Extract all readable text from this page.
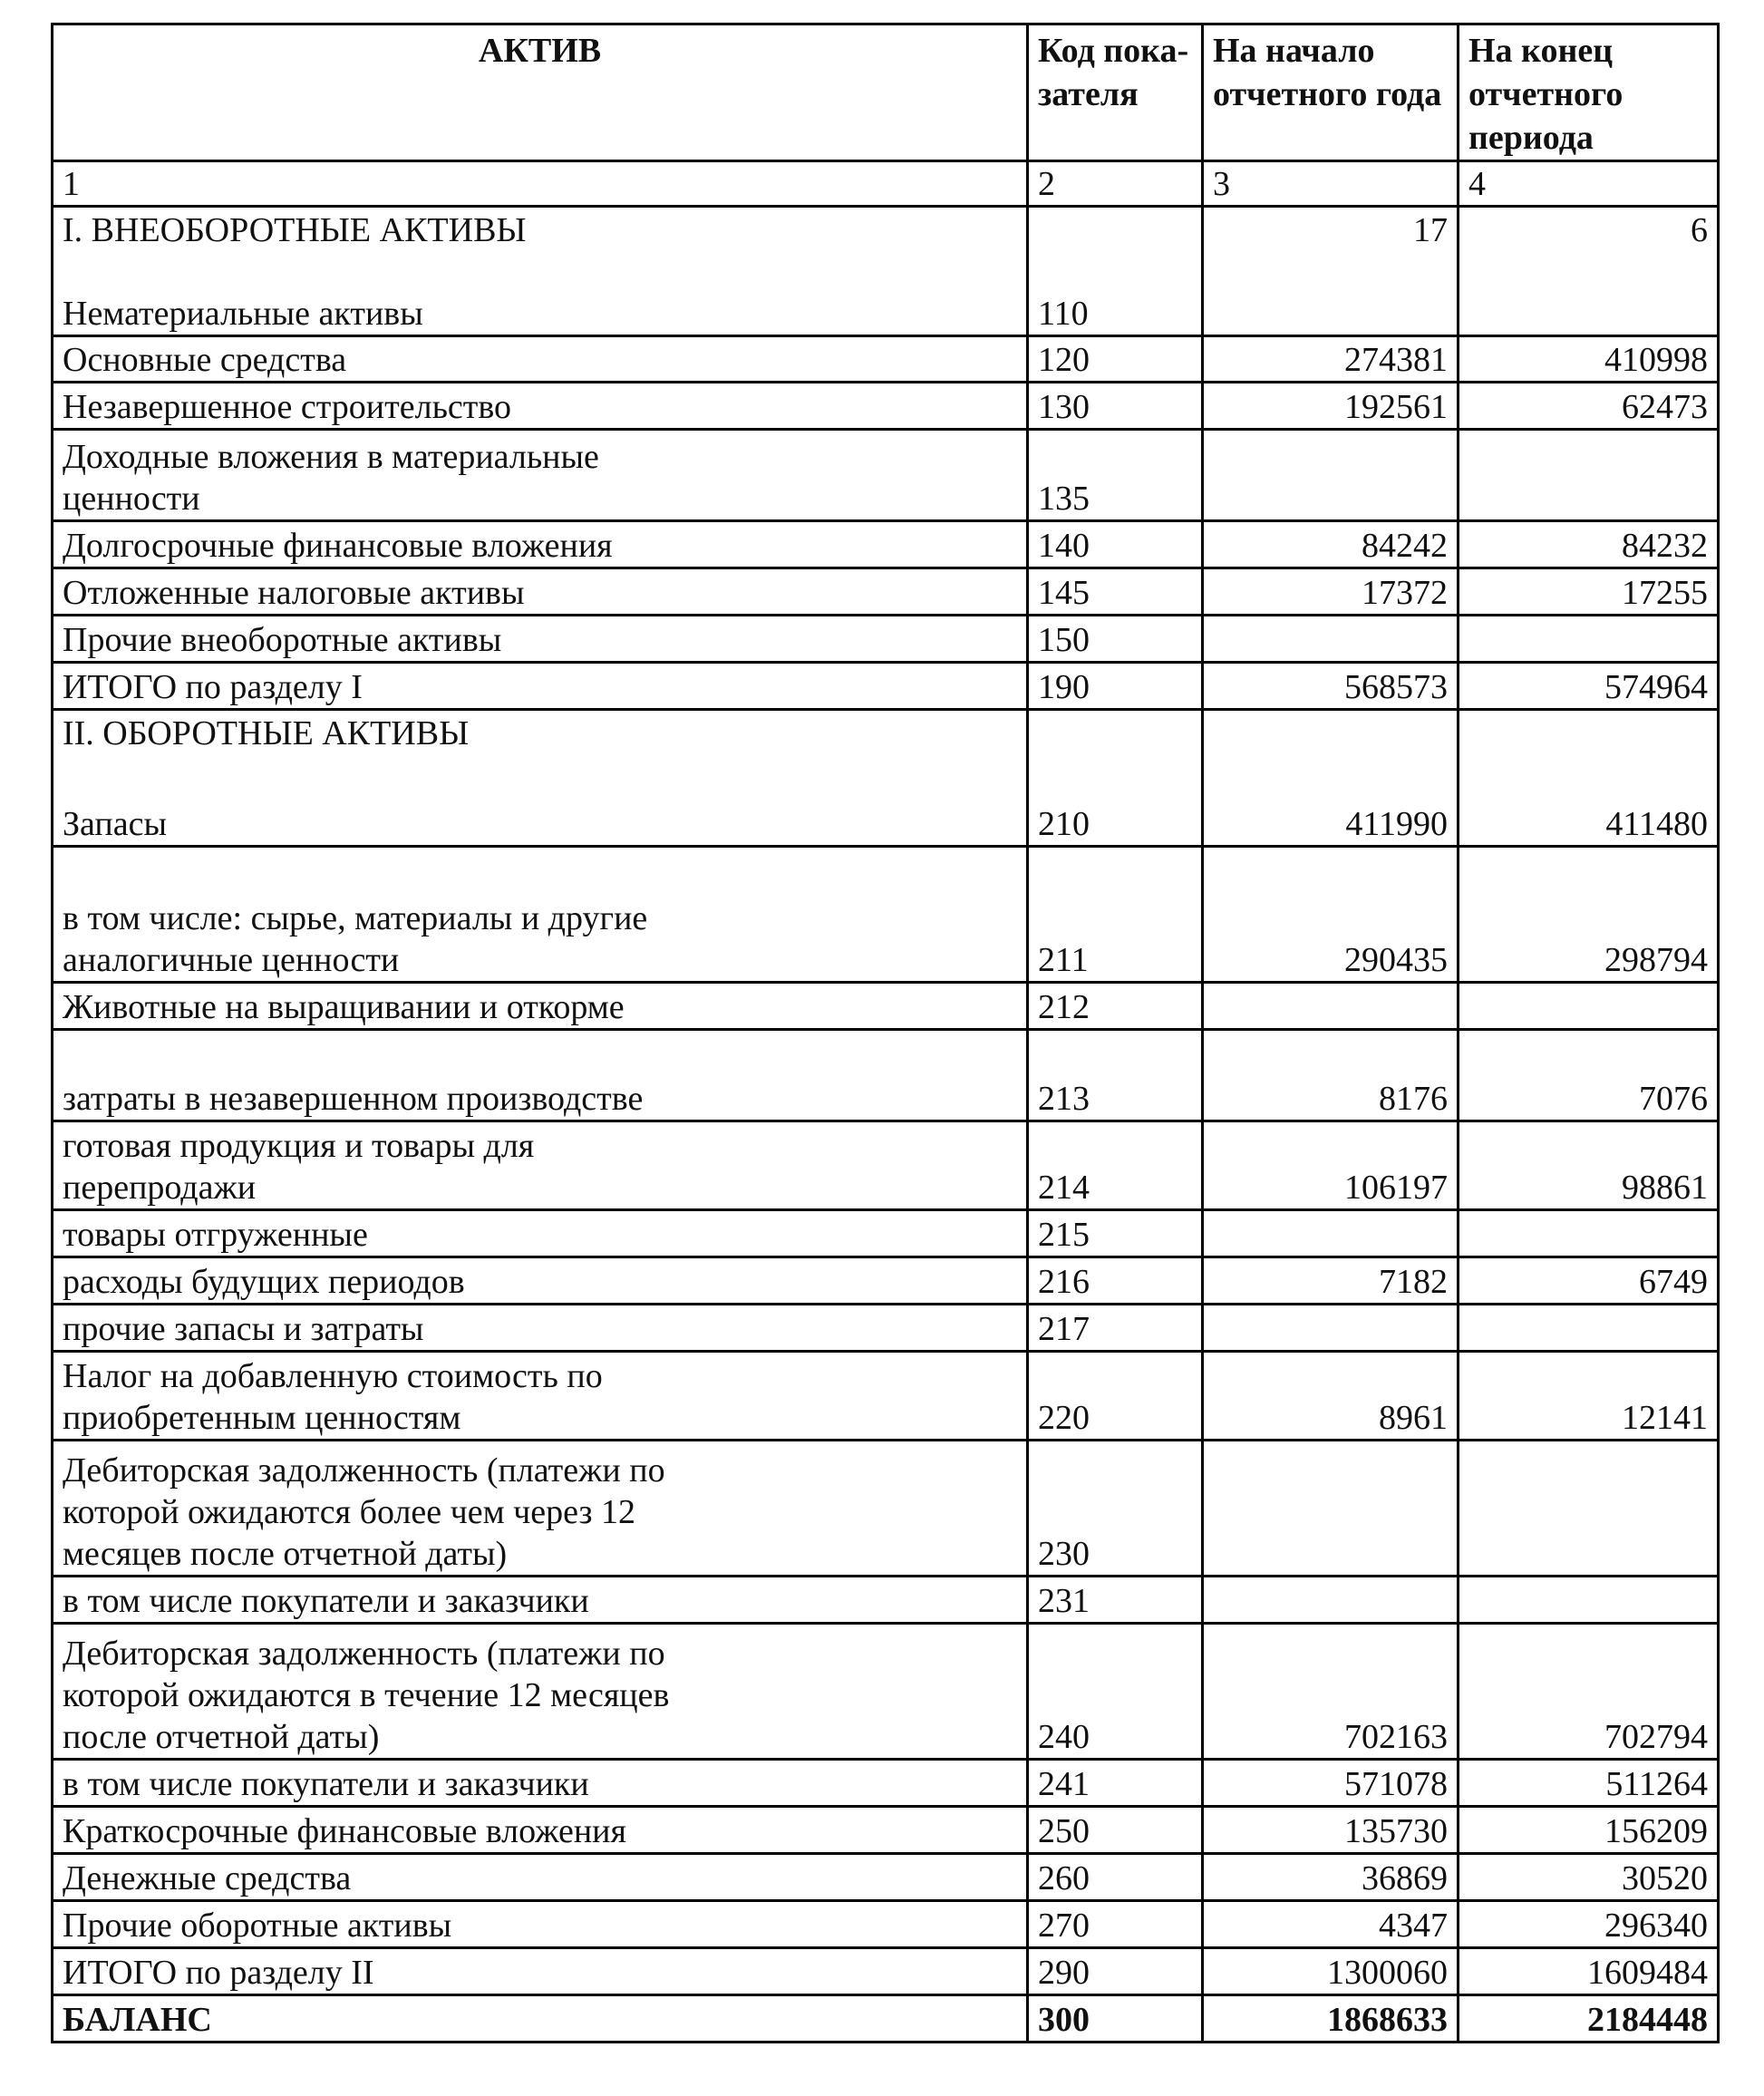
АКТИВ	Код пока-зателя	На начало отчетного года	На конец отчетного периода
1	2	3	4

I. ВНЕОБОРОТНЫЕ АКТИВЫ
Нематериальные активы	110	17	6
Основные средства	120	274381	410998
Незавершенное строительство	130	192561	62473
Доходные вложения в материальные ценности	135		
Долгосрочные финансовые вложения	140	84242	84232
Отложенные налоговые активы	145	17372	17255
Прочие внеоборотные активы	150		
ИТОГО по разделу I	190	568573	574964

II. ОБОРОТНЫЕ АКТИВЫ
Запасы	210	411990	411480
в том числе: сырье, материалы и другие аналогичные ценности	211	290435	298794
Животные на выращивании и откорме	212		
затраты в незавершенном производстве	213	8176	7076
готовая продукция и товары для перепродажи	214	106197	98861
товары отгруженные	215		
расходы будущих периодов	216	7182	6749
прочие запасы и затраты	217		
Налог на добавленную стоимость по приобретенным ценностям	220	8961	12141
Дебиторская задолженность (платежи по которой ожидаются более чем через 12 месяцев после отчетной даты)	230		
в том числе покупатели и заказчики	231		
Дебиторская задолженность (платежи по которой ожидаются в течение 12 месяцев после отчетной даты)	240	702163	702794
в том числе покупатели и заказчики	241	571078	511264
Краткосрочные финансовые вложения	250	135730	156209
Денежные средства	260	36869	30520
Прочие оборотные активы	270	4347	296340
ИТОГО по разделу II	290	1300060	1609484
БАЛАНС	300	1868633	2184448
